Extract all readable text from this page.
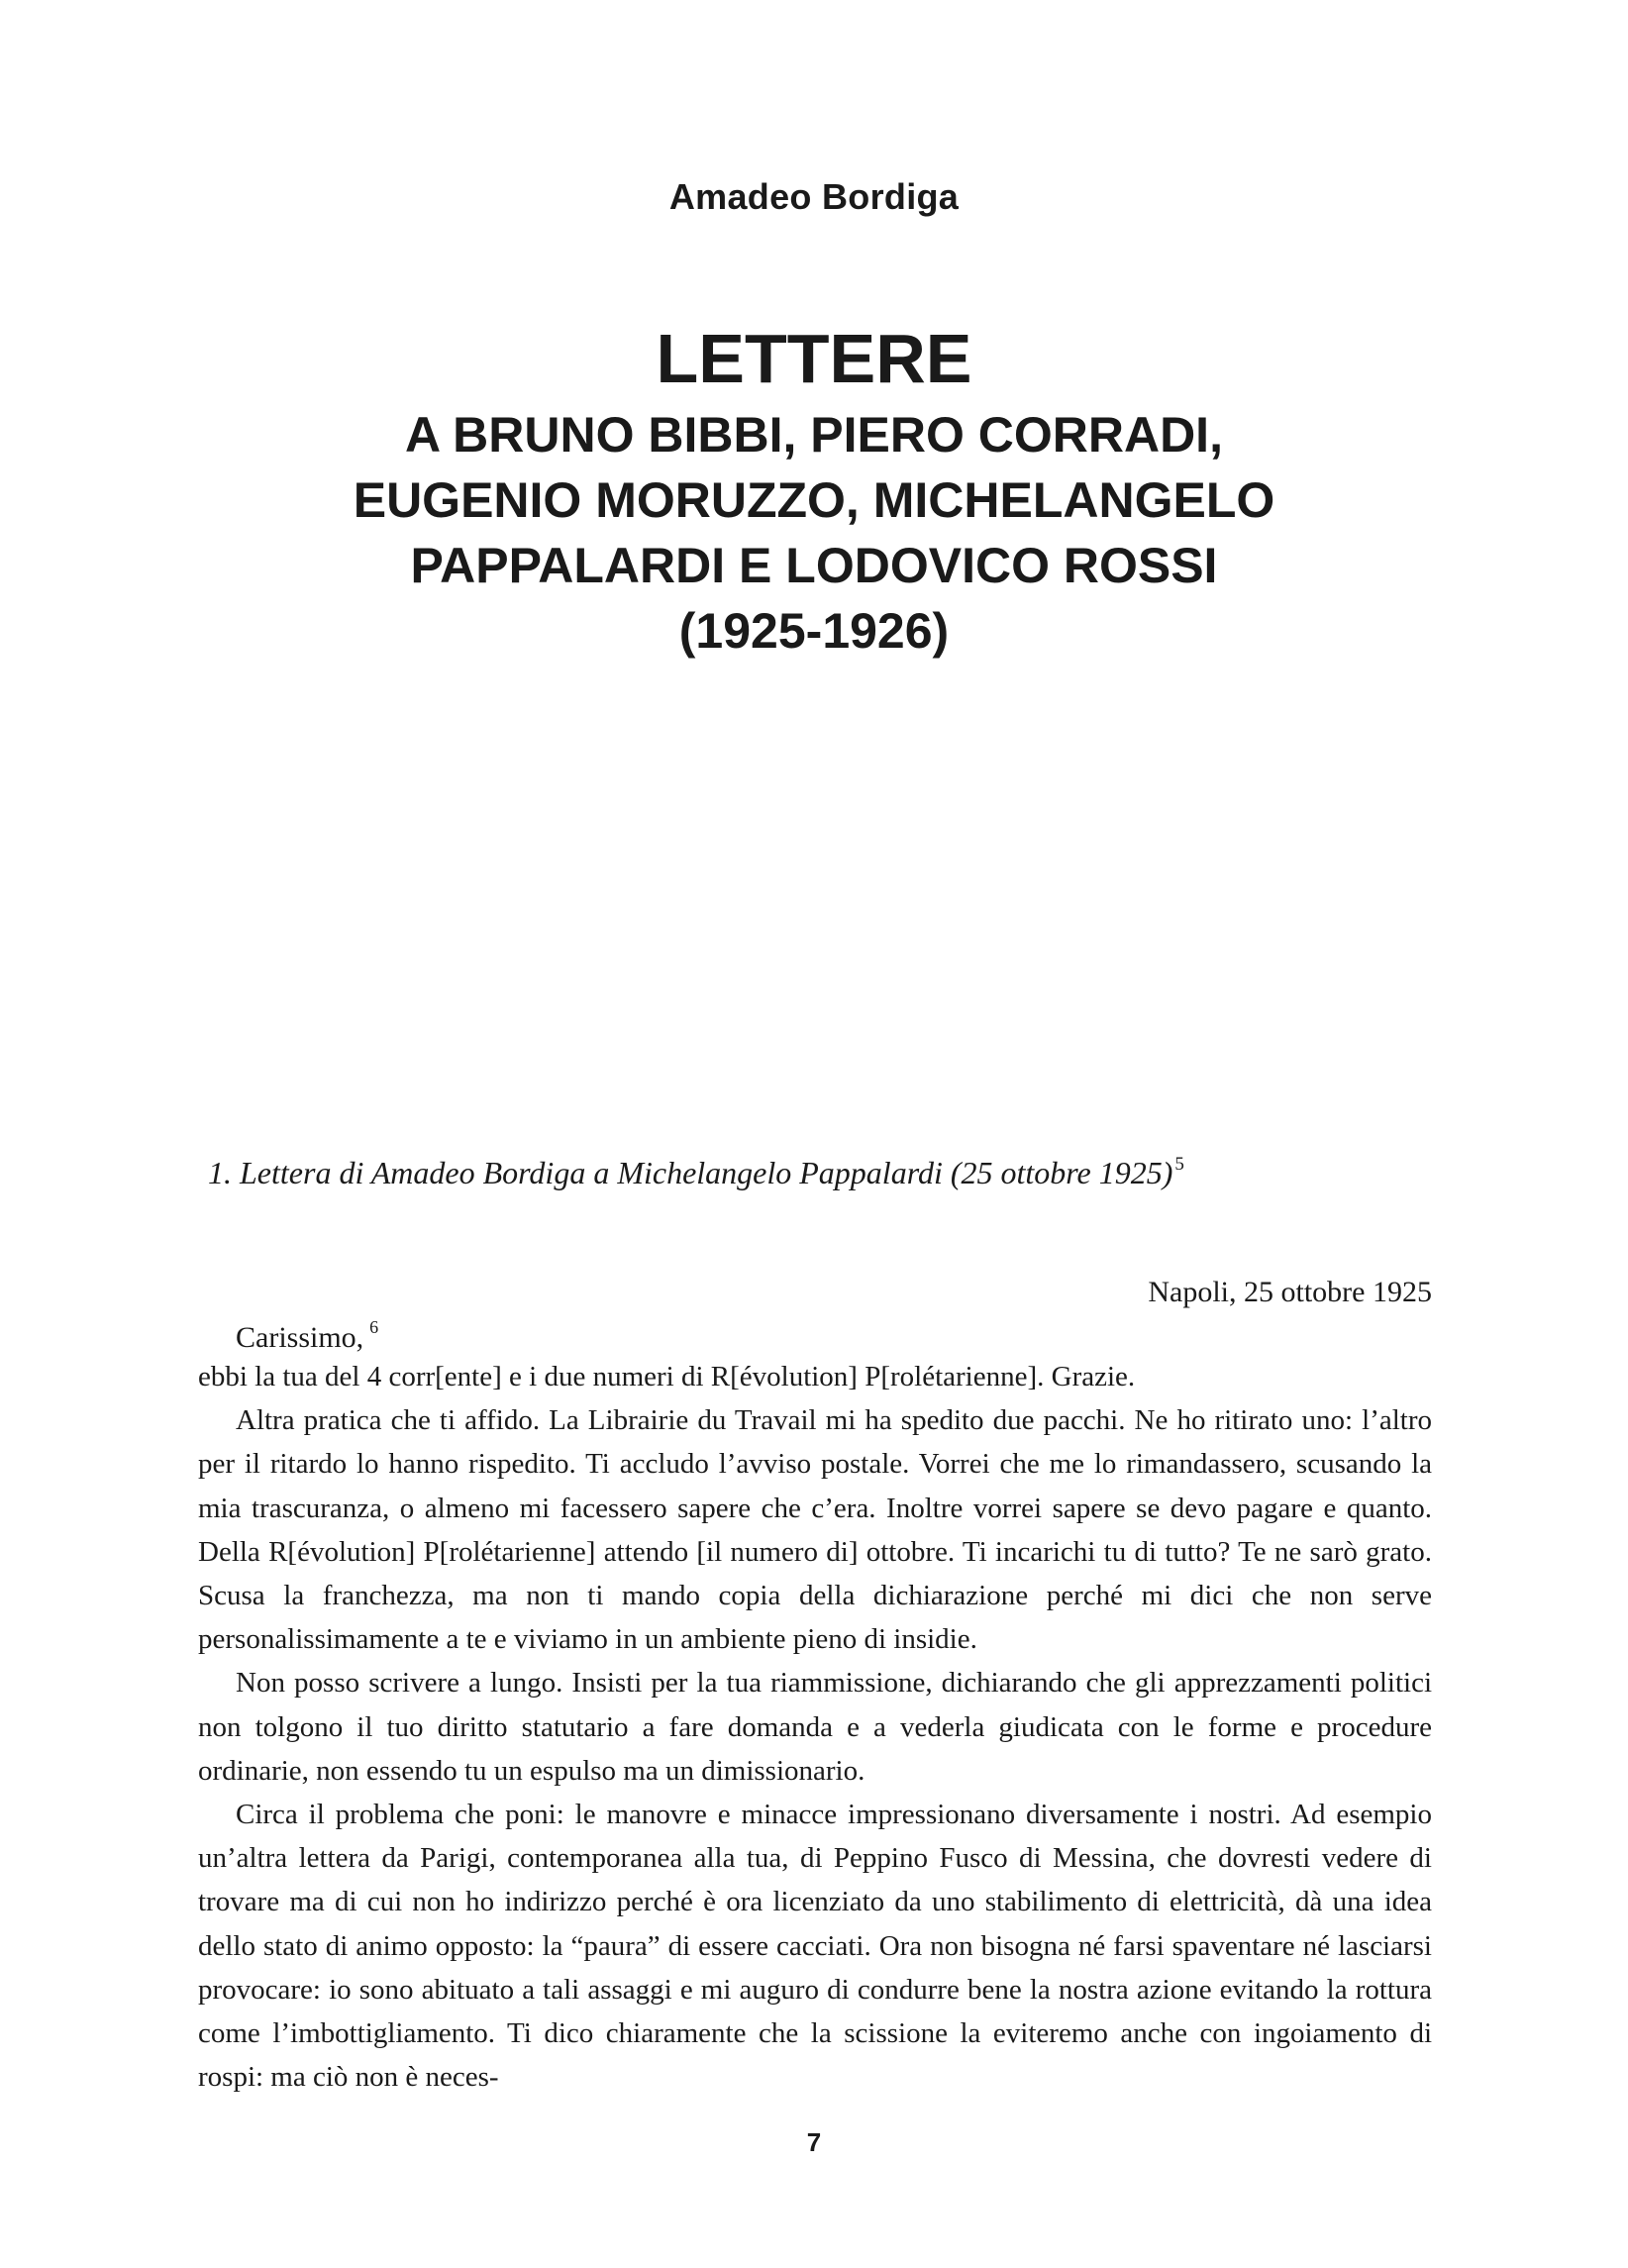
Amadeo Bordiga
LETTERE
A BRUNO BIBBI, PIERO CORRADI,
EUGENIO MORUZZO, MICHELANGELO
PAPPALARDI E LODOVICO ROSSI
(1925-1926)
1. Lettera di Amadeo Bordiga a Michelangelo Pappalardi (25 ottobre 1925) $^5$
Napoli, 25 ottobre 1925
Carissimo, $^6$

ebbi la tua del 4 corr[ente] e i due numeri di R[évolution] P[rolétarienne]. Grazie.

Altra pratica che ti affido. La Librairie du Travail mi ha spedito due pacchi. Ne ho ritirato uno: l’altro per il ritardo lo hanno rispedito. Ti accludo l’avviso postale. Vorrei che me lo rimandassero, scusando la mia trascuranza, o almeno mi facessero sapere che c’era. Inoltre vorrei sapere se devo pagare e quanto. Della R[évolution] P[rolétarienne] attendo [il numero di] ottobre. Ti incarichi tu di tutto? Te ne sarò grato. Scusa la franchezza, ma non ti mando copia della dichiarazione perché mi dici che non serve personalissimamente a te e viviamo in un ambiente pieno di insidie.

Non posso scrivere a lungo. Insisti per la tua riammissione, dichiarando che gli apprezzamenti politici non tolgono il tuo diritto statutario a fare domanda e a vederla giudicata con le forme e procedure ordinarie, non essendo tu un espulso ma un dimissionario.

Circa il problema che poni: le manovre e minacce impressionano diversamente i nostri. Ad esempio un’altra lettera da Parigi, contemporanea alla tua, di Peppino Fusco di Messina, che dovresti vedere di trovare ma di cui non ho indirizzo perché è ora licenziato da uno stabilimento di elettricità, dà una idea dello stato di animo opposto: la “paura” di essere cacciati. Ora non bisogna né farsi spaventare né lasciarsi provocare: io sono abituato a tali assaggi e mi auguro di condurre bene la nostra azione evitando la rottura come l’imbottigliamento. Ti dico chiaramente che la scissione la eviteremo anche con ingoiamento di rospi: ma ciò non è neces-

7
